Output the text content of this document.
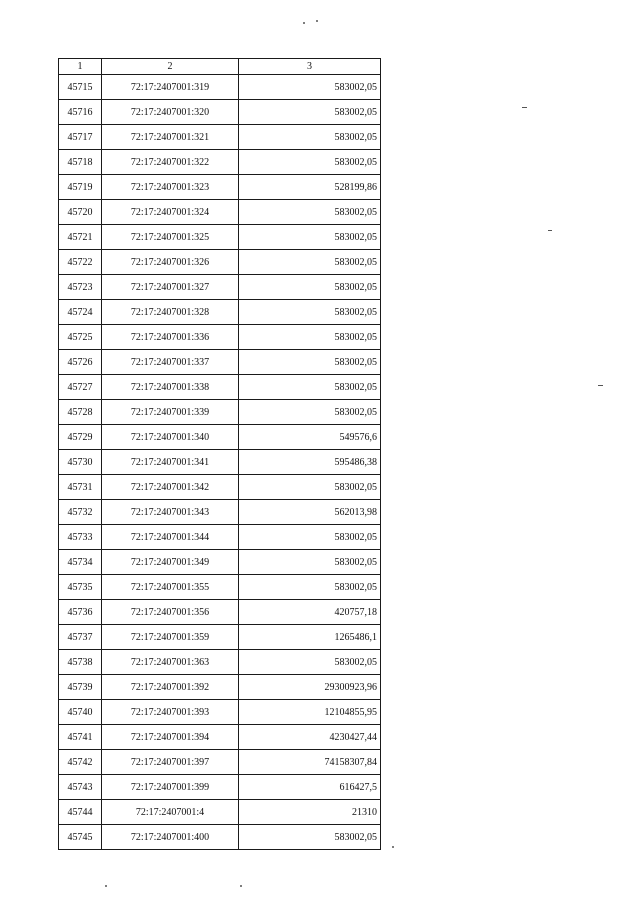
1	2	3
45715	72:17:2407001:319	583002,05
45716	72:17:2407001:320	583002,05
45717	72:17:2407001:321	583002,05
45718	72:17:2407001:322	583002,05
45719	72:17:2407001:323	528199,86
45720	72:17:2407001:324	583002,05
45721	72:17:2407001:325	583002,05
45722	72:17:2407001:326	583002,05
45723	72:17:2407001:327	583002,05
45724	72:17:2407001:328	583002,05
45725	72:17:2407001:336	583002,05
45726	72:17:2407001:337	583002,05
45727	72:17:2407001:338	583002,05
45728	72:17:2407001:339	583002,05
45729	72:17:2407001:340	549576,6
45730	72:17:2407001:341	595486,38
45731	72:17:2407001:342	583002,05
45732	72:17:2407001:343	562013,98
45733	72:17:2407001:344	583002,05
45734	72:17:2407001:349	583002,05
45735	72:17:2407001:355	583002,05
45736	72:17:2407001:356	420757,18
45737	72:17:2407001:359	1265486,1
45738	72:17:2407001:363	583002,05
45739	72:17:2407001:392	29300923,96
45740	72:17:2407001:393	12104855,95
45741	72:17:2407001:394	4230427,44
45742	72:17:2407001:397	74158307,84
45743	72:17:2407001:399	616427,5
45744	72:17:2407001:4	21310
45745	72:17:2407001:400	583002,05
